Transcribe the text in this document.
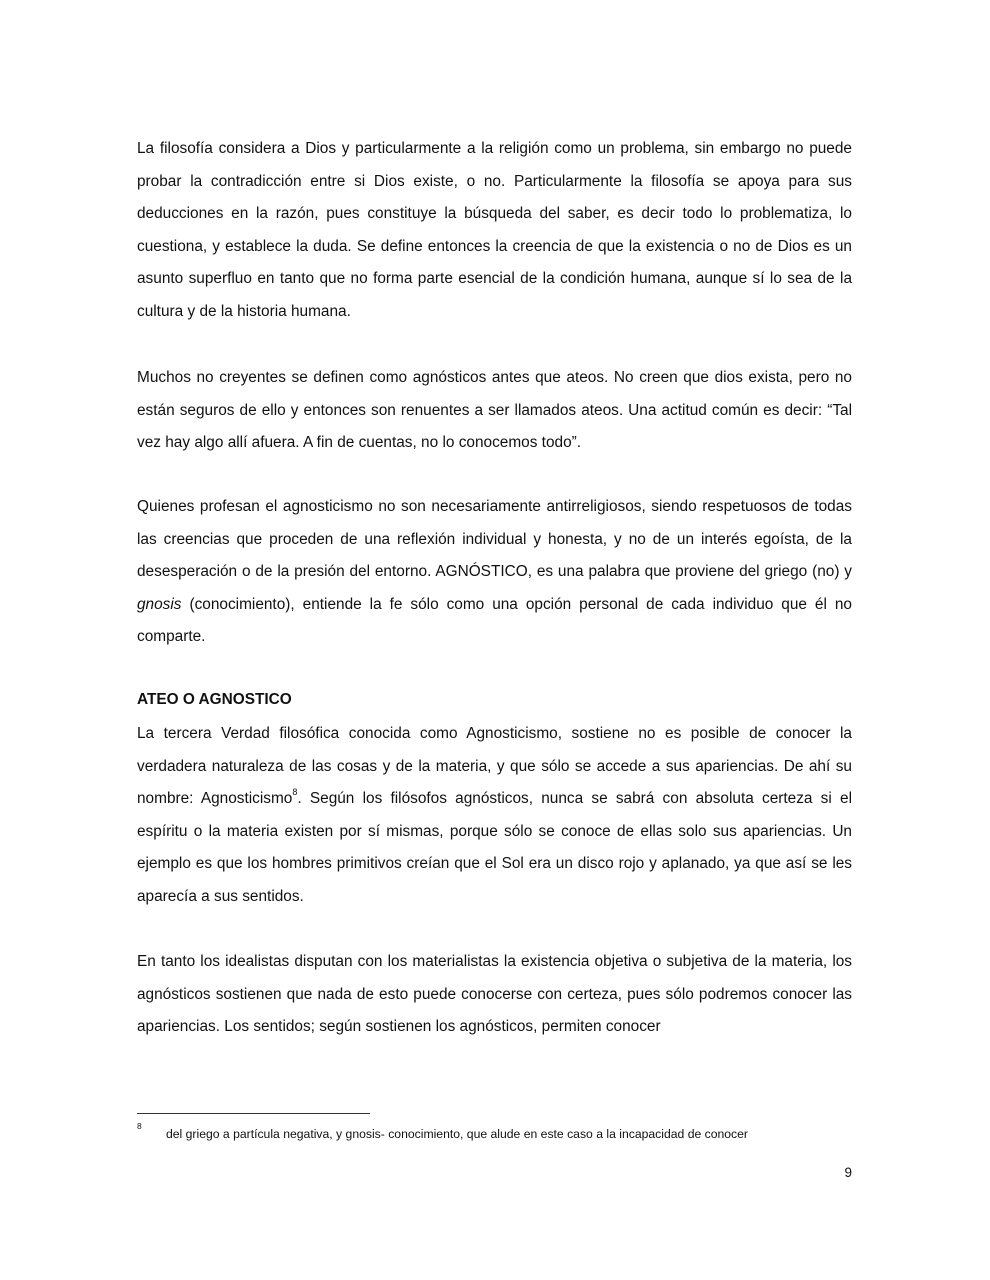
La filosofía considera a Dios y particularmente a la religión como un problema, sin embargo no puede probar la contradicción entre si Dios existe, o no. Particularmente la filosofía se apoya para sus deducciones en la razón, pues constituye la búsqueda del saber, es decir todo lo problematiza, lo cuestiona, y establece la duda. Se define entonces la creencia de que la existencia o no de Dios es un asunto superfluo en tanto que no forma parte esencial de la condición humana, aunque sí lo sea de la cultura y de la historia humana.

Muchos no creyentes se definen como agnósticos antes que ateos. No creen que dios exista, pero no están seguros de ello y entonces son renuentes a ser llamados ateos. Una actitud común es decir: “Tal vez hay algo allí afuera. A fin de cuentas, no lo conocemos todo”.

Quienes profesan el agnosticismo no son necesariamente antirreligiosos, siendo respetuosos de todas las creencias que proceden de una reflexión individual y honesta, y no de un interés egoísta, de la desesperación o de la presión del entorno. AGNÓSTICO, es una palabra que proviene del griego (no) y gnosis (conocimiento), entiende la fe sólo como una opción personal de cada individuo que él no comparte.

ATEO O AGNOSTICO

La tercera Verdad filosófica conocida como Agnosticismo, sostiene no es posible de conocer la verdadera naturaleza de las cosas y de la materia, y que sólo se accede a sus apariencias. De ahí su nombre: Agnosticismo$^8$. Según los filósofos agnósticos, nunca se sabrá con absoluta certeza si el espíritu o la materia existen por sí mismas, porque sólo se conoce de ellas solo sus apariencias. Un ejemplo es que los hombres primitivos creían que el Sol era un disco rojo y aplanado, ya que así se les aparecía a sus sentidos.

En tanto los idealistas disputan con los materialistas la existencia objetiva o subjetiva de la materia, los agnósticos sostienen que nada de esto puede conocerse con certeza, pues sólo podremos conocer las apariencias. Los sentidos; según sostienen los agnósticos, permiten conocer

8
del griego a partícula negativa, y gnosis- conocimiento, que alude en este caso a la incapacidad de conocer
9
